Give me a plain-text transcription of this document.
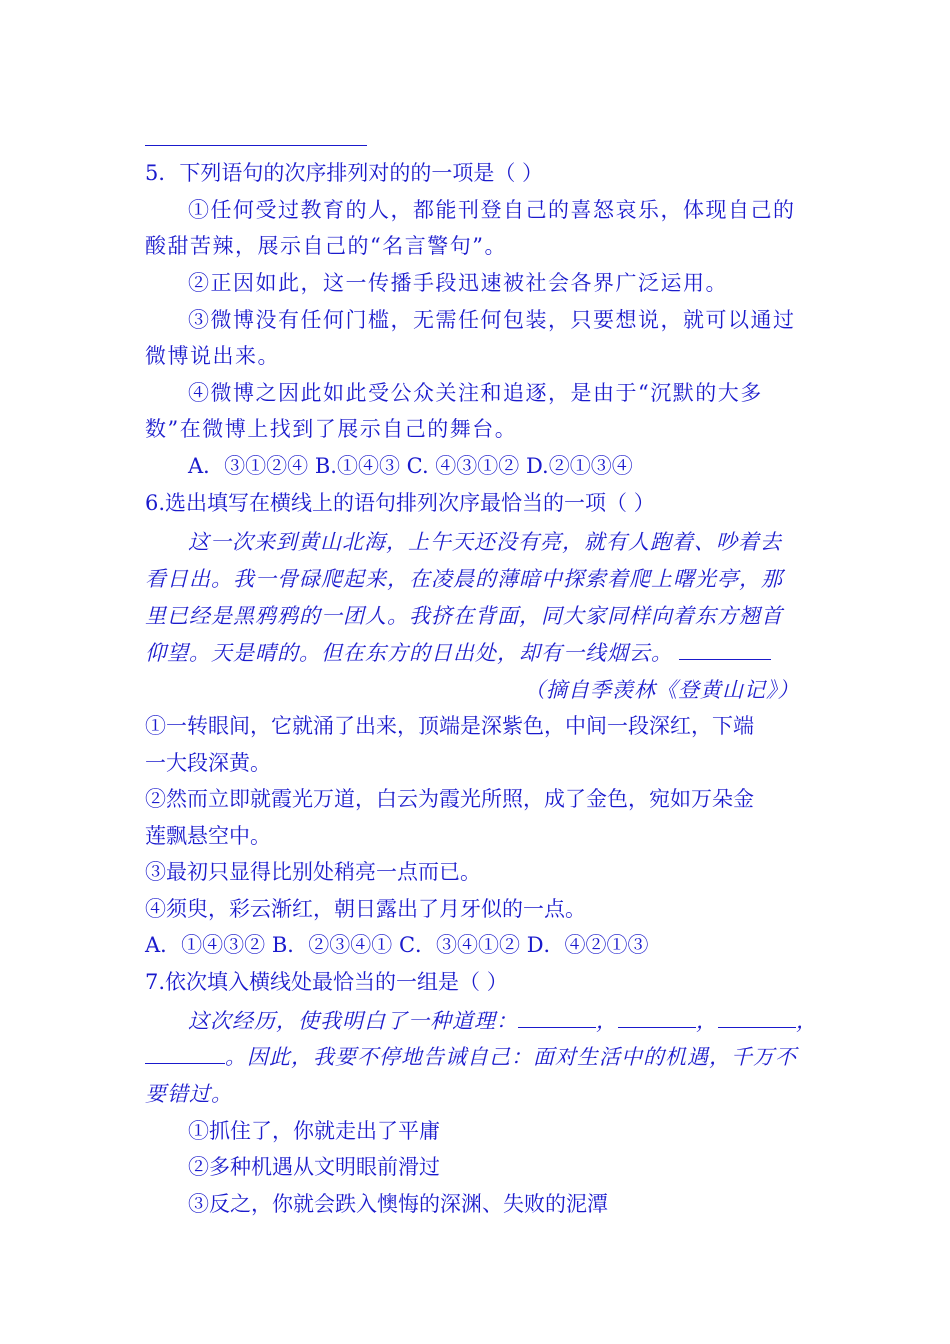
5．下列语句的次序排列对的的一项是（ ）
①任何受过教育的人，都能刊登自己的喜怒哀乐，体现自己的
酸甜苦辣，展示自己的“名言警句”。
②正因如此，这一传播手段迅速被社会各界广泛运用。
③微博没有任何门槛，无需任何包装，只要想说，就可以通过
微博说出来。
④微博之因此如此受公众关注和追逐，是由于“沉默的大多
数”在微博上找到了展示自己的舞台。
A．③①②④ B.①④③ C. ④③①② D.②①③④
6.选出填写在横线上的语句排列次序最恰当的一项（ ）
这一次来到黄山北海，上午天还没有亮，就有人跑着、吵着去
看日出。我一骨碌爬起来，在凌晨的薄暗中探索着爬上曙光亭，那
里已经是黑鸦鸦的一团人。我挤在背面，同大家同样向着东方翘首
仰望。天是晴的。但在东方的日出处，却有一线烟云。
（摘自季羡林《登黄山记》）
①一转眼间，它就涌了出来，顶端是深紫色，中间一段深红，下端
一大段深黄。
②然而立即就霞光万道，白云为霞光所照，成了金色，宛如万朵金
莲飘悬空中。
③最初只显得比别处稍亮一点而已。
④须臾，彩云渐红，朝日露出了月牙似的一点。
A．①④③② B．②③④① C．③④①② D．④②①③
7.依次填入横线处最恰当的一组是（ ）
这次经历，使我明白了一种道理：	，	，	，
。因此，我要不停地告诫自己：面对生活中的机遇，千万不
要错过。
①抓住了，你就走出了平庸
②多种机遇从文明眼前滑过
③反之，你就会跌入懊悔的深渊、失败的泥潭
